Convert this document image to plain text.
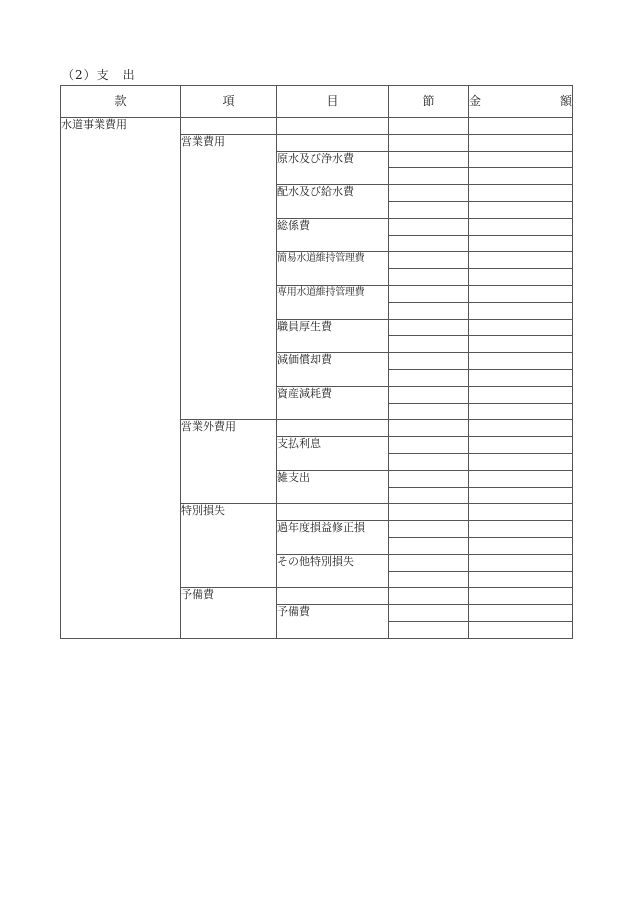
（2）支　出
款	項	目	節	金 額

水道事業費用				
	営業費用			
		原水及び浄水費		

		配水及び給水費		

		総係費		

		簡易水道維持管理費		

		専用水道維持管理費		

		職員厚生費		

		減価償却費		

		資産減耗費		

	営業外費用			
		支払利息		

		雑支出		

	特別損失			
		過年度損益修正損		

		その他特別損失		

	予備費			
		予備費		
